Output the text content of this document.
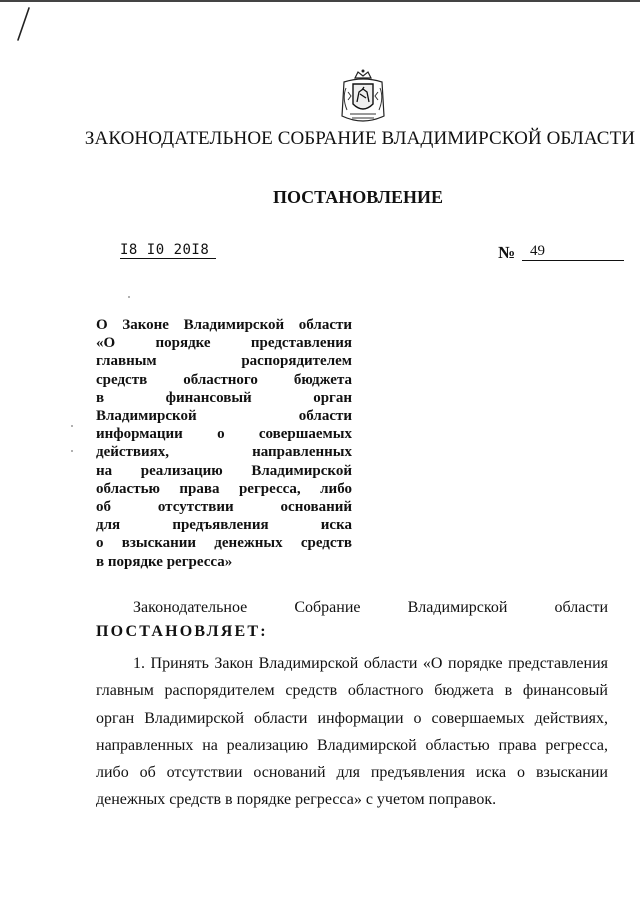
ЗАКОНОДАТЕЛЬНОЕ СОБРАНИЕ ВЛАДИМИРСКОЙ ОБЛАСТИ
ПОСТАНОВЛЕНИЕ
I8 I0 20I8	№ 49
О Законе Владимирской области
«О порядке представления
главным распорядителем
средств областного бюджета
в финансовый орган
Владимирской области
информации о совершаемых
действиях, направленных
на реализацию Владимирской
областью права регресса, либо
об отсутствии оснований
для предъявления иска
о взыскании денежных средств
в порядке регресса»
Законодательное Собрание Владимирской области
ПОСТАНОВЛЯЕТ:
1. Принять Закон Владимирской области «О порядке представления главным распорядителем средств областного бюджета в финансовый орган Владимирской области информации о совершаемых действиях, направленных на реализацию Владимирской областью права регресса, либо об отсутствии оснований для предъявления иска о взыскании денежных средств в порядке регресса» с учетом поправок.
